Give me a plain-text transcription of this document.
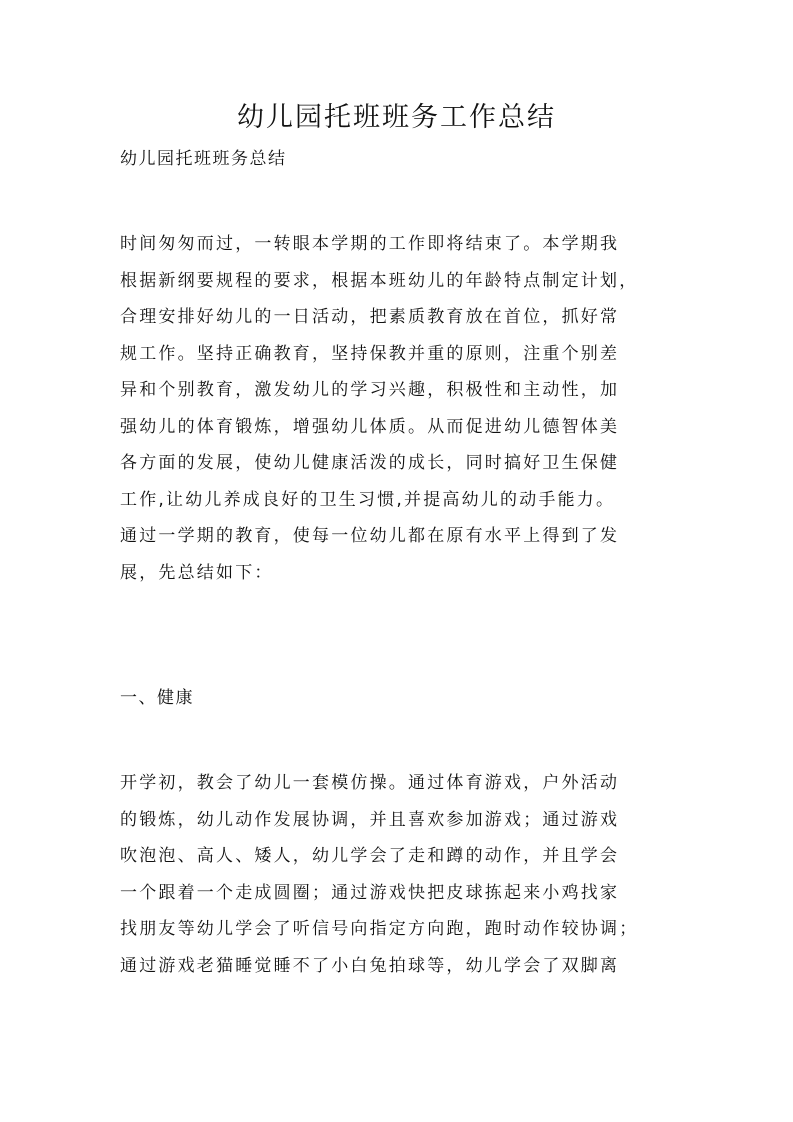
幼儿园托班班务工作总结

幼儿园托班班务总结

时间匆匆而过，一转眼本学期的工作即将结束了。本学期我
根据新纲要规程的要求，根据本班幼儿的年龄特点制定计划，
合理安排好幼儿的一日活动，把素质教育放在首位，抓好常
规工作。坚持正确教育，坚持保教并重的原则，注重个别差
异和个别教育，激发幼儿的学习兴趣，积极性和主动性，加
强幼儿的体育锻炼，增强幼儿体质。从而促进幼儿德智体美
各方面的发展，使幼儿健康活泼的成长，同时搞好卫生保健
工作,让幼儿养成良好的卫生习惯,并提高幼儿的动手能力。
通过一学期的教育，使每一位幼儿都在原有水平上得到了发
展，先总结如下：

一、健康

开学初，教会了幼儿一套模仿操。通过体育游戏，户外活动
的锻炼，幼儿动作发展协调，并且喜欢参加游戏；通过游戏
吹泡泡、高人、矮人，幼儿学会了走和蹲的动作，并且学会
一个跟着一个走成圆圈；通过游戏快把皮球拣起来小鸡找家
找朋友等幼儿学会了听信号向指定方向跑，跑时动作较协调；
通过游戏老猫睡觉睡不了小白兔拍球等，幼儿学会了双脚离
